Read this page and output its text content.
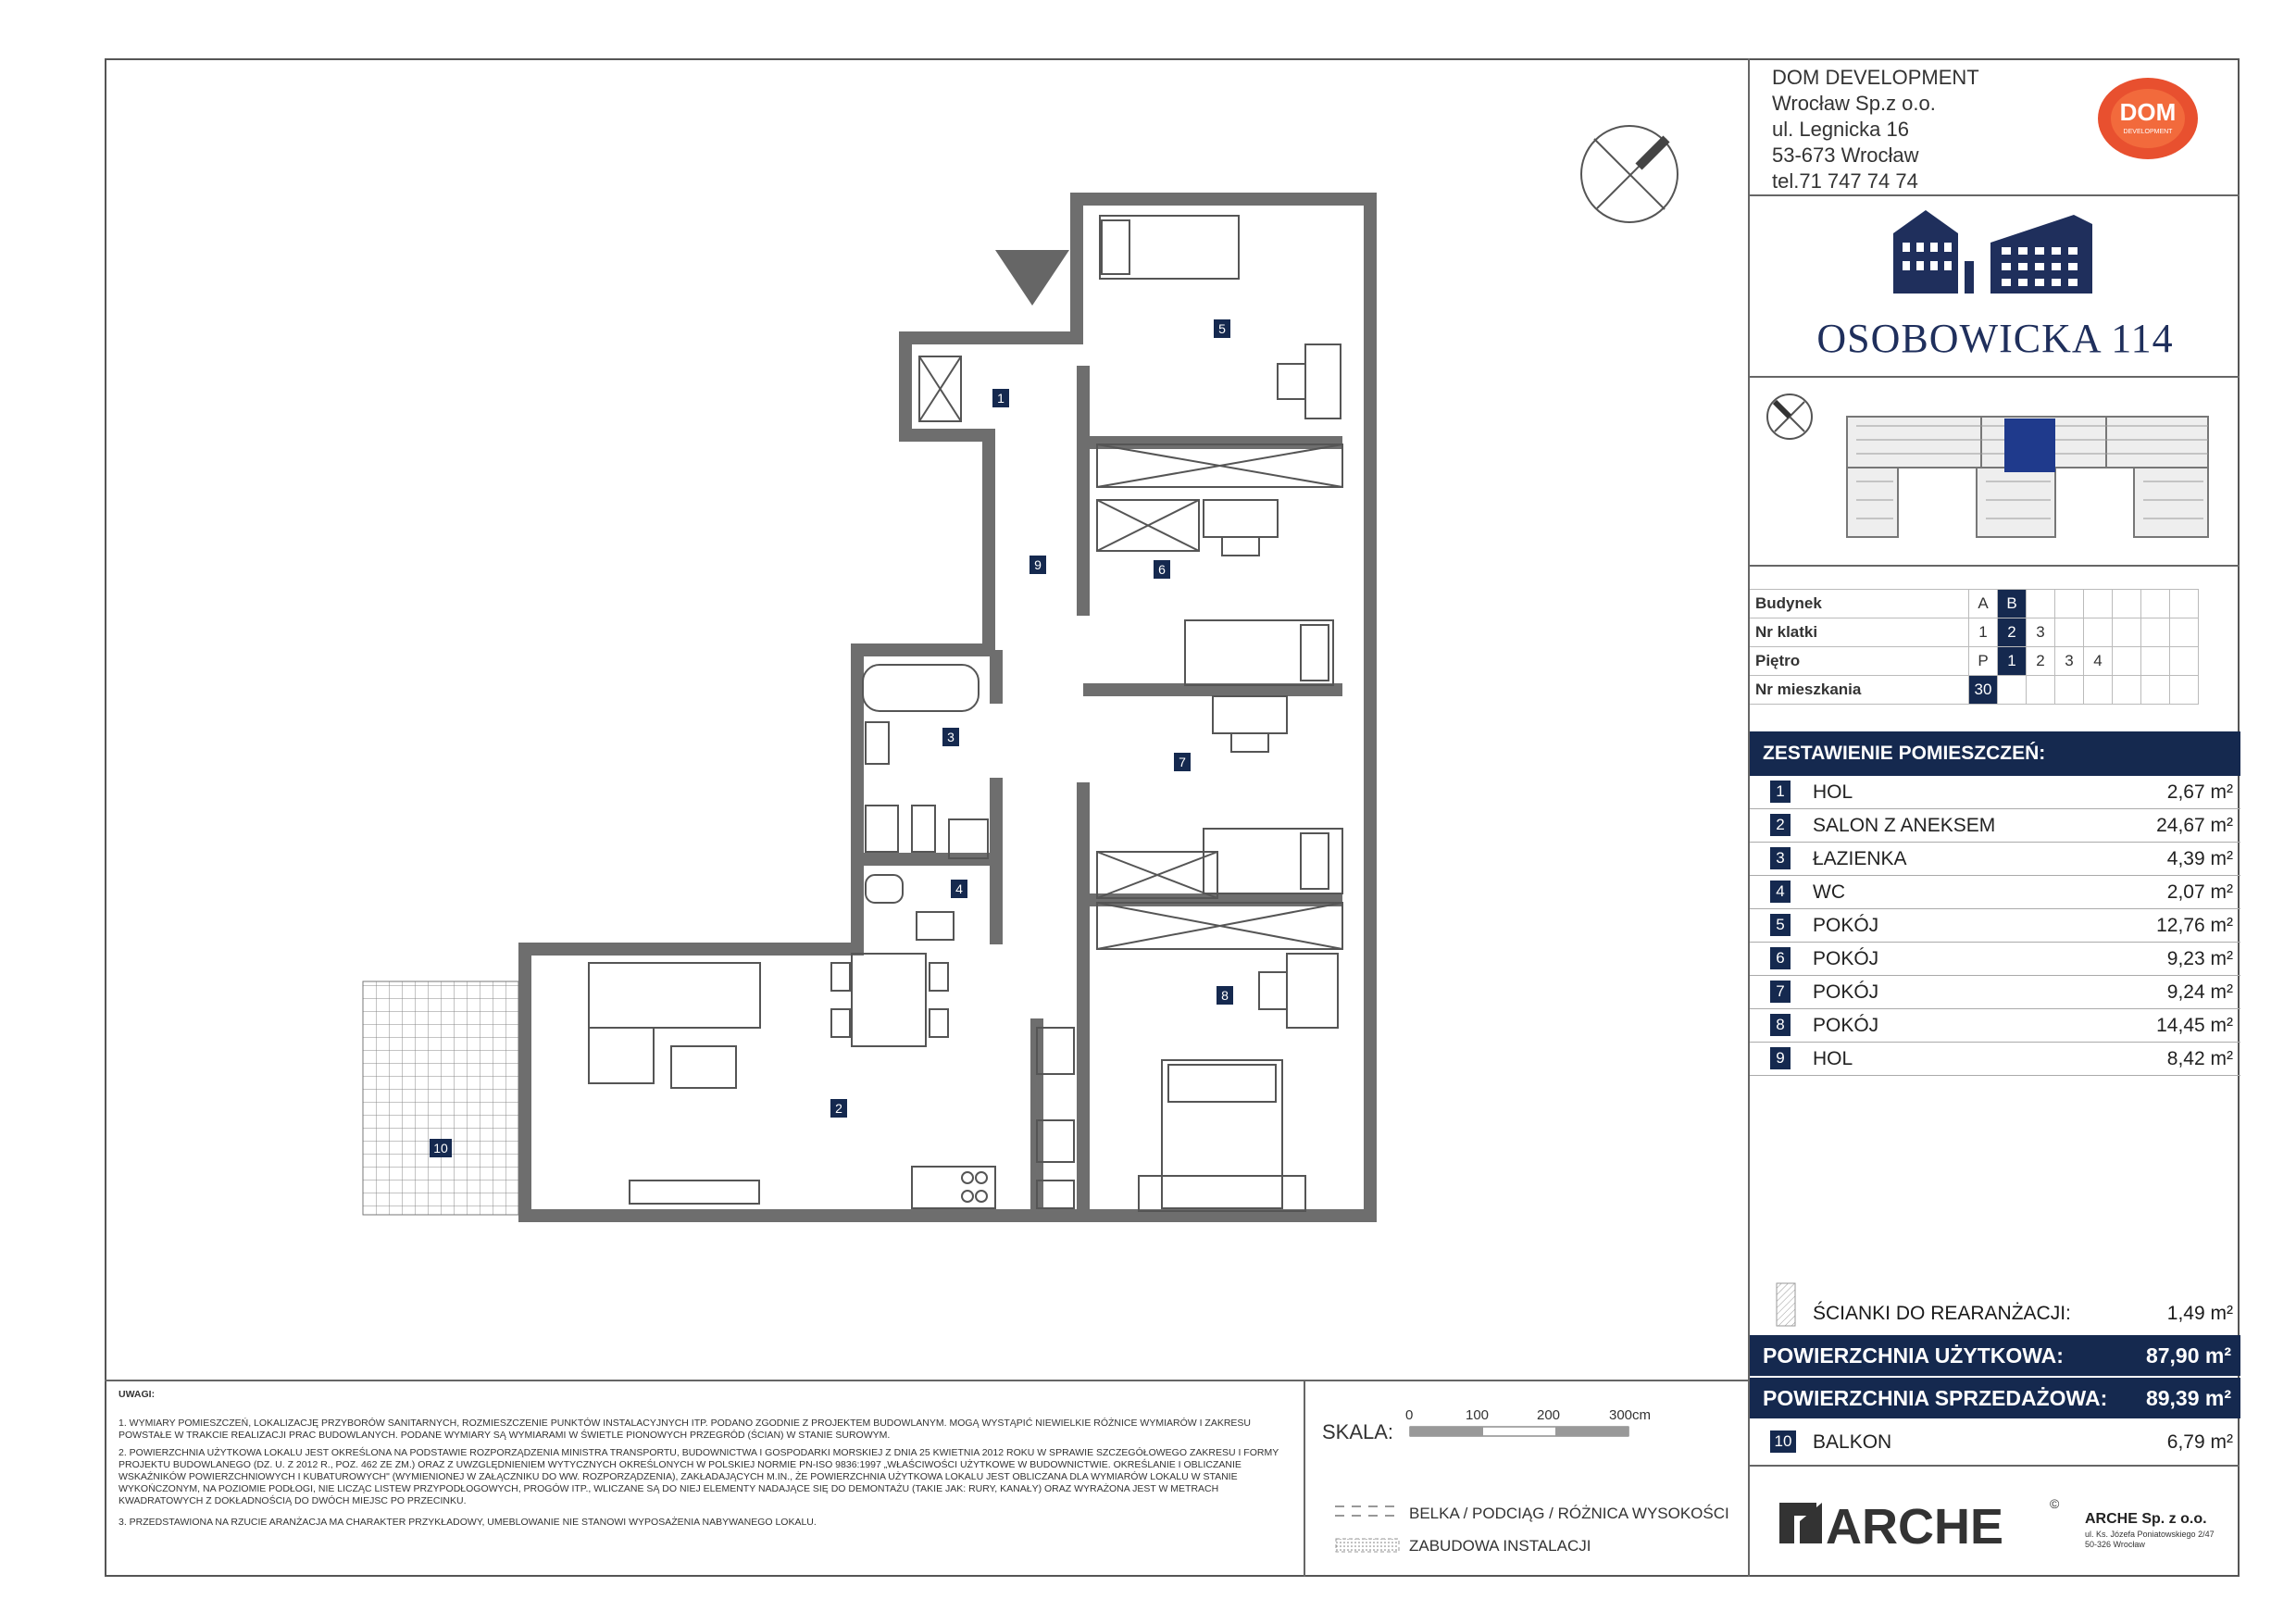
1
2
3
4
5
6
7
8
9
10
DOM DEVELOPMENT
Wrocław Sp.z o.o.
ul. Legnicka 16
53-673 Wrocław
tel.71 747 74 74
DOM
DEVELOPMENT
OSOBOWICKA 114
Budynek	A	B						
Nr klatki	1	2	3					
Piętro	P	1	2	3	4			
Nr mieszkania	30							
ZESTAWIENIE POMIESZCZEŃ:
1 HOL	2,67 m²
2 SALON Z ANEKSEM	24,67 m²
3 ŁAZIENKA	4,39 m²
4 WC	2,07 m²
5 POKÓJ	12,76 m²
6 POKÓJ	9,23 m²
7 POKÓJ	9,24 m²
8 POKÓJ	14,45 m²
9 HOL	8,42 m²
ŚCIANKI DO REARANŻACJI:	1,49 m²
POWIERZCHNIA UŻYTKOWA:	87,90 m²
POWIERZCHNIA SPRZEDAŻOWA: 89,39 m²
10 BALKON	6,79 m²
UWAGI:

1. WYMIARY POMIESZCZEŃ, LOKALIZACJĘ PRZYBORÓW SANITARNYCH, ROZMIESZCZENIE PUNKTÓW INSTALACYJNYCH ITP. PODANO ZGODNIE Z PROJEKTEM BUDOWLANYM. MOGĄ WYSTĄPIĆ NIEWIELKIE RÓŻNICE WYMIARÓW I ZAKRESU POWSTAŁE W TRAKCIE REALIZACJI PRAC BUDOWLANYCH. PODANE WYMIARY SĄ WYMIARAMI W ŚWIETLE PIONOWYCH PRZEGRÓD (ŚCIAN) W STANIE SUROWYM.

2. POWIERZCHNIA UŻYTKOWA LOKALU JEST OKREŚLONA NA PODSTAWIE ROZPORZĄDZENIA MINISTRA TRANSPORTU, BUDOWNICTWA I GOSPODARKI MORSKIEJ Z DNIA 25 KWIETNIA 2012 ROKU W SPRAWIE SZCZEGÓŁOWEGO ZAKRESU I FORMY PROJEKTU BUDOWLANEGO (DZ. U. Z 2012 R., POZ. 462 ZE ZM.) ORAZ Z UWZGLĘDNIENIEM WYTYCZNYCH OKREŚLONYCH W POLSKIEJ NORMIE PN-ISO 9836:1997 „WŁAŚCIWOŚCI UŻYTKOWE W BUDOWNICTWIE. OKREŚLANIE I OBLICZANIE WSKAŹNIKÓW POWIERZCHNIOWYCH I KUBATUROWYCH" (WYMIENIONEJ W ZAŁĄCZNIKU DO WW. ROZPORZĄDZENIA), ZAKŁADAJĄCYCH M.IN., ŻE POWIERZCHNIA UŻYTKOWA LOKALU JEST OBLICZANA DLA WYMIARÓW LOKALU W STANIE WYKOŃCZONYM, NA POZIOMIE PODŁOGI, NIE LICZĄC LISTEW PRZYPODŁOGOWYCH, PROGÓW ITP., WLICZANE SĄ DO NIEJ ELEMENTY NADAJĄCE SIĘ DO DEMONTAŻU (TAKIE JAK: RURY, KANAŁY) ORAZ WYRAŻONA JEST W METRACH KWADRATOWYCH Z DOKŁADNOŚCIĄ DO DWÓCH MIEJSC PO PRZECINKU.

3. PRZEDSTAWIONA NA RZUCIE ARANŻACJA MA CHARAKTER PRZYKŁADOWY, UMEBLOWANIE NIE STANOWI WYPOSAŻENIA NABYWANEGO LOKALU.

SKALA:
0	100	200	300cm
BELKA / PODCIĄG / RÓŻNICA WYSOKOŚCI
ZABUDOWA INSTALACJI	ARCHE	©
ARCHE Sp. z o.o.
ul. Ks. Józefa Poniatowskiego 2/47
50-326 Wrocław
